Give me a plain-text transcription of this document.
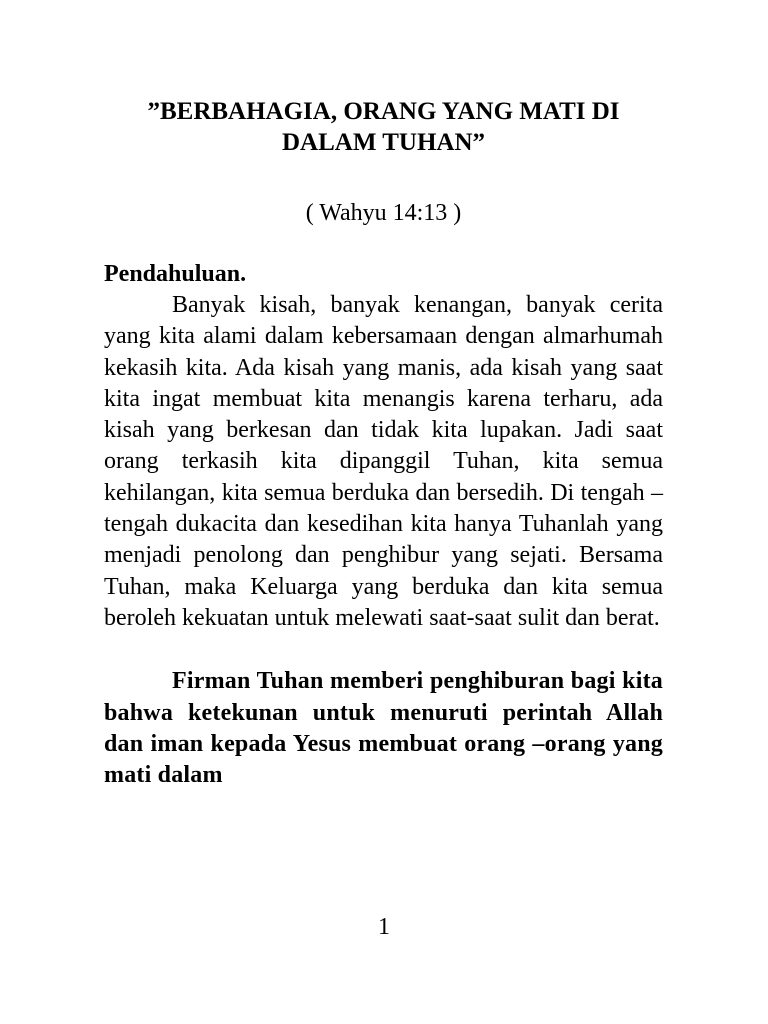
”BERBAHAGIA, ORANG YANG MATI DI DALAM TUHAN”

( Wahyu 14:13 )

Pendahuluan.

Banyak kisah, banyak kenangan, banyak cerita yang kita alami dalam kebersamaan dengan almarhumah kekasih kita. Ada kisah yang manis, ada kisah yang saat kita ingat membuat kita menangis karena terharu, ada kisah yang berkesan dan tidak kita lupakan. Jadi saat orang terkasih kita dipanggil Tuhan, kita semua kehilangan, kita semua berduka dan bersedih. Di tengah – tengah dukacita dan kesedihan kita hanya Tuhanlah yang menjadi penolong dan penghibur yang sejati. Bersama Tuhan, maka Keluarga yang berduka dan kita semua beroleh kekuatan untuk melewati saat-saat sulit dan berat.

Firman Tuhan memberi penghiburan bagi kita bahwa ketekunan untuk menuruti perintah Allah dan iman kepada Yesus membuat orang –orang yang mati dalam

1
